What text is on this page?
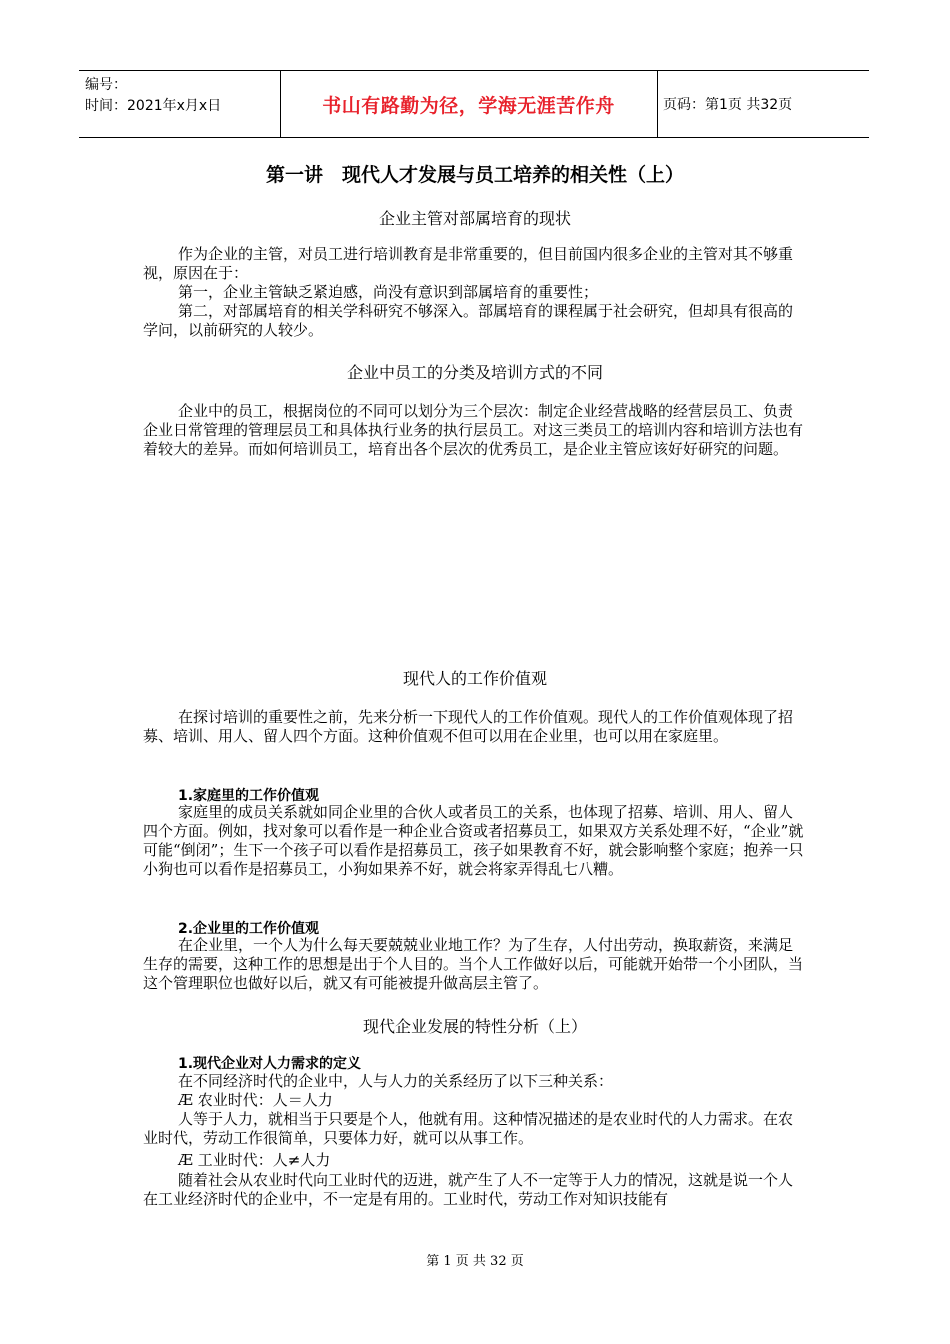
编号：
时间：2021年x月x日	书山有路勤为径，学海无涯苦作舟	页码：第1页 共32页
第一讲　现代人才发展与员工培养的相关性（上）
企业主管对部属培育的现状

作为企业的主管，对员工进行培训教育是非常重要的，但目前国内很多企业的主管对其不够重视，原因在于：

第一，企业主管缺乏紧迫感，尚没有意识到部属培育的重要性；

第二，对部属培育的相关学科研究不够深入。部属培育的课程属于社会研究，但却具有很高的学问，以前研究的人较少。

企业中员工的分类及培训方式的不同

企业中的员工，根据岗位的不同可以划分为三个层次：制定企业经营战略的经营层员工、负责企业日常管理的管理层员工和具体执行业务的执行层员工。对这三类员工的培训内容和培训方法也有着较大的差异。而如何培训员工，培育出各个层次的优秀员工，是企业主管应该好好研究的问题。

现代人的工作价值观

在探讨培训的重要性之前，先来分析一下现代人的工作价值观。现代人的工作价值观体现了招募、培训、用人、留人四个方面。这种价值观不但可以用在企业里，也可以用在家庭里。

1.家庭里的工作价值观

家庭里的成员关系就如同企业里的合伙人或者员工的关系，也体现了招募、培训、用人、留人四个方面。例如，找对象可以看作是一种企业合资或者招募员工，如果双方关系处理不好，“企业”就可能“倒闭”；生下一个孩子可以看作是招募员工，孩子如果教育不好，就会影响整个家庭；抱养一只小狗也可以看作是招募员工，小狗如果养不好，就会将家弄得乱七八糟。

2.企业里的工作价值观

在企业里，一个人为什么每天要兢兢业业地工作？为了生存，人付出劳动，换取薪资，来满足生存的需要，这种工作的思想是出于个人目的。当个人工作做好以后，可能就开始带一个小团队，当这个管理职位也做好以后，就又有可能被提升做高层主管了。

现代企业发展的特性分析（上）
1.现代企业对人力需求的定义

在不同经济时代的企业中，人与人力的关系经历了以下三种关系：

Æ 农业时代：人＝人力

人等于人力，就相当于只要是个人，他就有用。这种情况描述的是农业时代的人力需求。在农业时代，劳动工作很简单，只要体力好，就可以从事工作。

Æ 工业时代：人≠人力

随着社会从农业时代向工业时代的迈进，就产生了人不一定等于人力的情况，这就是说一个人在工业经济时代的企业中，不一定是有用的。工业时代，劳动工作对知识技能有

第 1 页 共 32 页
